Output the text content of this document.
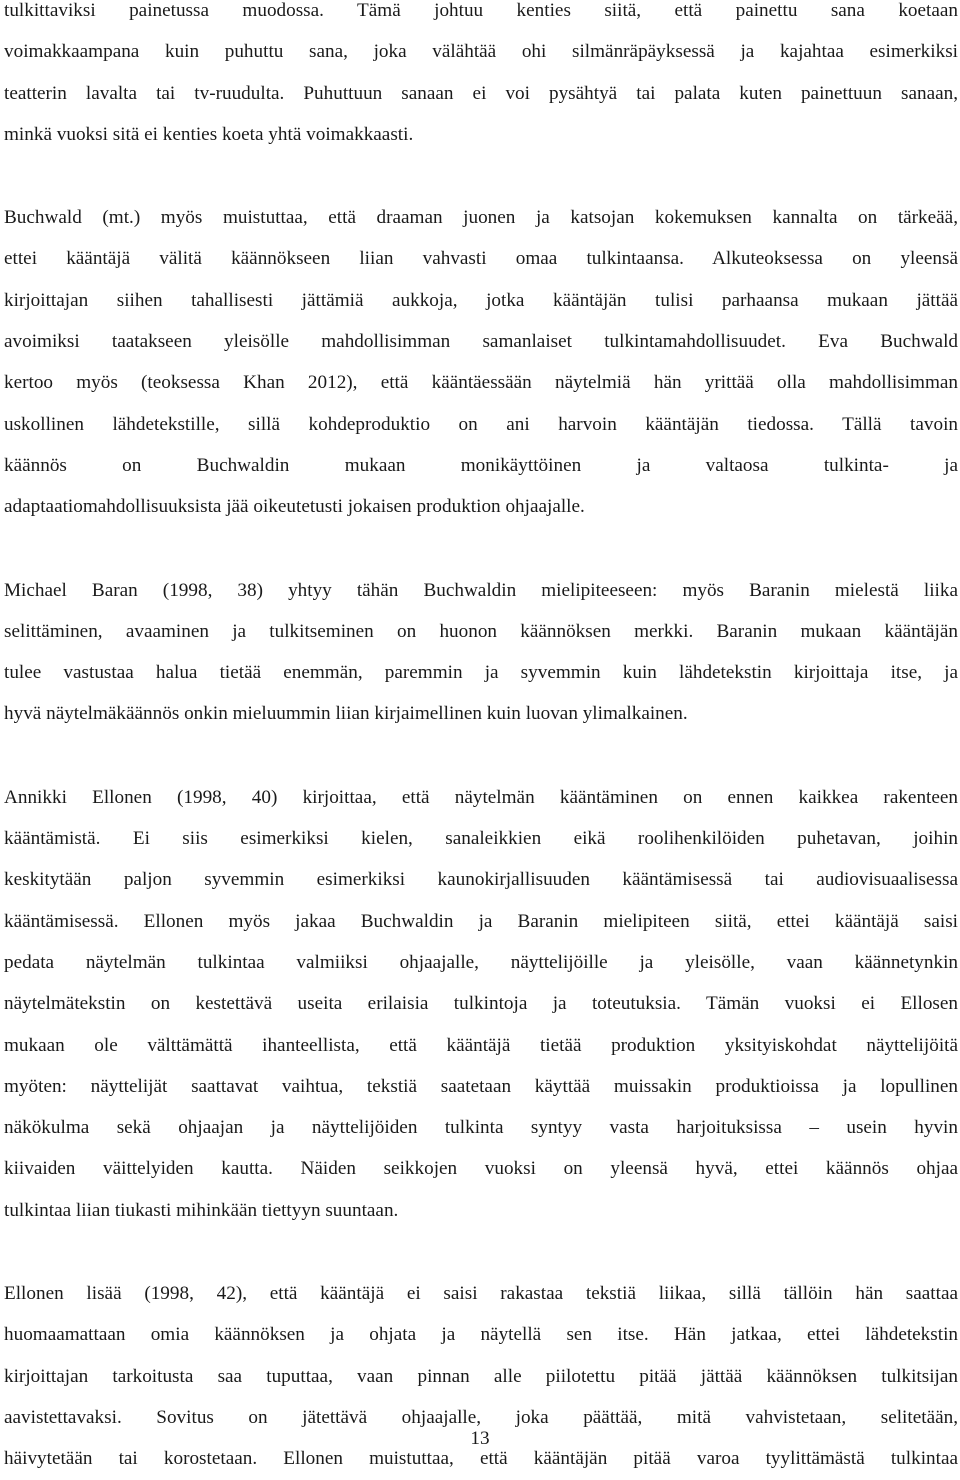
tulkittaviksi painetussa muodossa. Tämä johtuu kenties siitä, että painettu sana koetaan
voimakkaampana kuin puhuttu sana, joka välähtää ohi silmänräpäyksessä ja kajahtaa esimerkiksi
teatterin lavalta tai tv-ruudulta. Puhuttuun sanaan ei voi pysähtyä tai palata kuten painettuun sanaan,
minkä vuoksi sitä ei kenties koeta yhtä voimakkaasti.
Buchwald (mt.) myös muistuttaa, että draaman juonen ja katsojan kokemuksen kannalta on tärkeää,
ettei kääntäjä välitä käännökseen liian vahvasti omaa tulkintaansa. Alkuteoksessa on yleensä
kirjoittajan siihen tahallisesti jättämiä aukkoja, jotka kääntäjän tulisi parhaansa mukaan jättää
avoimiksi taatakseen yleisölle mahdollisimman samanlaiset tulkintamahdollisuudet. Eva Buchwald
kertoo myös (teoksessa Khan 2012), että kääntäessään näytelmiä hän yrittää olla mahdollisimman
uskollinen lähdetekstille, sillä kohdeproduktio on ani harvoin kääntäjän tiedossa. Tällä tavoin
käännös on Buchwaldin mukaan monikäyttöinen ja valtaosa tulkinta- ja
adaptaatiomahdollisuuksista jää oikeutetusti jokaisen produktion ohjaajalle.
Michael Baran (1998, 38) yhtyy tähän Buchwaldin mielipiteeseen: myös Baranin mielestä liika
selittäminen, avaaminen ja tulkitseminen on huonon käännöksen merkki. Baranin mukaan kääntäjän
tulee vastustaa halua tietää enemmän, paremmin ja syvemmin kuin lähdetekstin kirjoittaja itse, ja
hyvä näytelmäkäännös onkin mieluummin liian kirjaimellinen kuin luovan ylimalkainen.
Annikki Ellonen (1998, 40) kirjoittaa, että näytelmän kääntäminen on ennen kaikkea rakenteen
kääntämistä. Ei siis esimerkiksi kielen, sanaleikkien eikä roolihenkilöiden puhetavan, joihin
keskitytään paljon syvemmin esimerkiksi kaunokirjallisuuden kääntämisessä tai audiovisuaalisessa
kääntämisessä. Ellonen myös jakaa Buchwaldin ja Baranin mielipiteen siitä, ettei kääntäjä saisi
pedata näytelmän tulkintaa valmiiksi ohjaajalle, näyttelijöille ja yleisölle, vaan käännetynkin
näytelmätekstin on kestettävä useita erilaisia tulkintoja ja toteutuksia. Tämän vuoksi ei Ellosen
mukaan ole välttämättä ihanteellista, että kääntäjä tietää produktion yksityiskohdat näyttelijöitä
myöten: näyttelijät saattavat vaihtua, tekstiä saatetaan käyttää muissakin produktioissa ja lopullinen
näkökulma sekä ohjaajan ja näyttelijöiden tulkinta syntyy vasta harjoituksissa – usein hyvin
kiivaiden väittelyiden kautta. Näiden seikkojen vuoksi on yleensä hyvä, ettei käännös ohjaa
tulkintaa liian tiukasti mihinkään tiettyyn suuntaan.
Ellonen lisää (1998, 42), että kääntäjä ei saisi rakastaa tekstiä liikaa, sillä tällöin hän saattaa
huomaamattaan omia käännöksen ja ohjata ja näytellä sen itse. Hän jatkaa, ettei lähdetekstin
kirjoittajan tarkoitusta saa tuputtaa, vaan pinnan alle piilotettu pitää jättää käännöksen tulkitsijan
aavistettavaksi. Sovitus on jätettävä ohjaajalle, joka päättää, mitä vahvistetaan, selitetään,
häivytetään tai korostetaan. Ellonen muistuttaa, että kääntäjän pitää varoa tyylittämästä tulkintaa
13
